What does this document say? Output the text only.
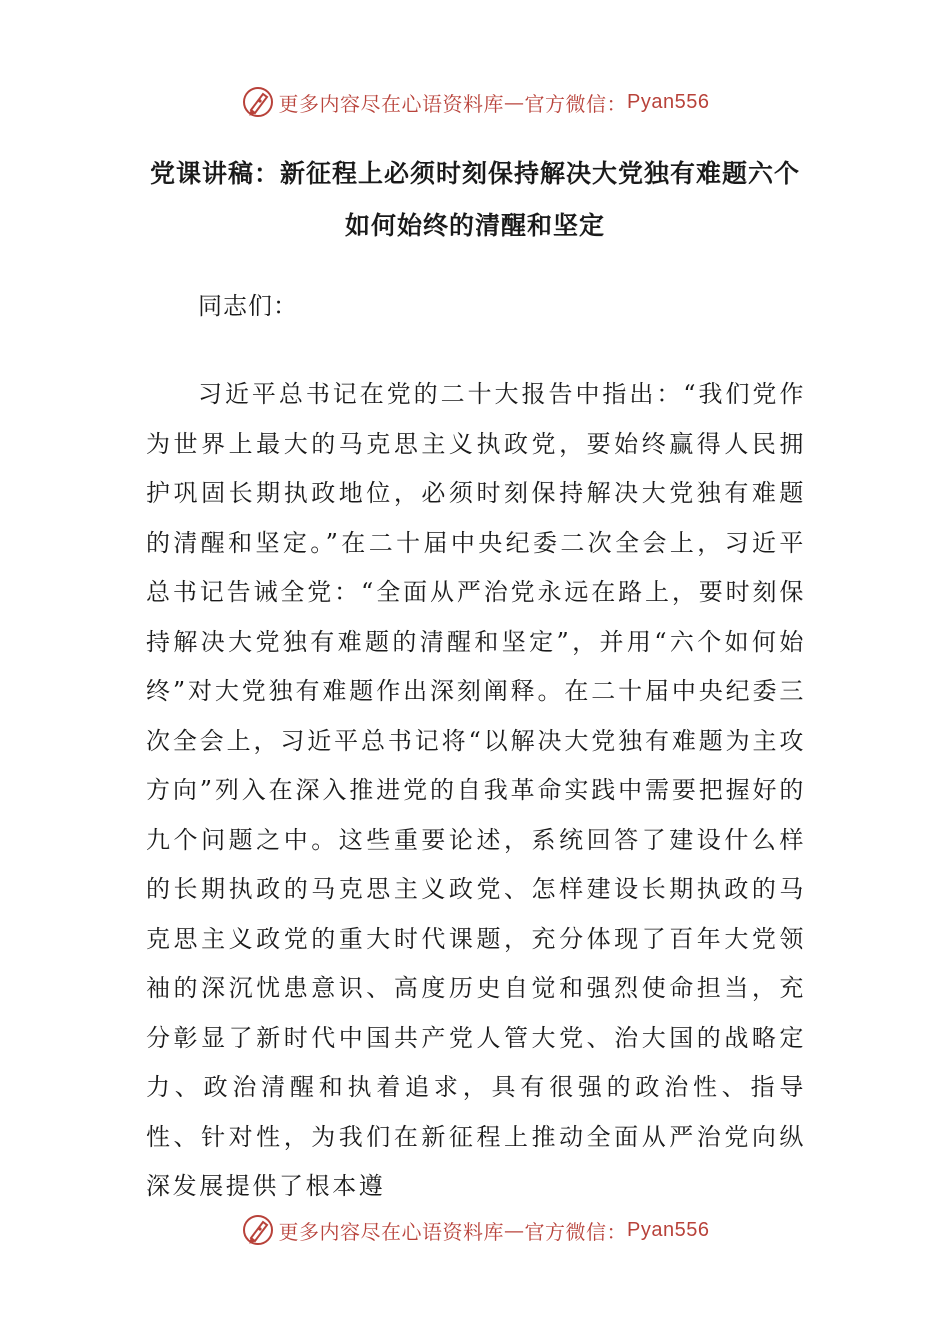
更多内容尽在心语资料库 — 官方微信： Pyan556
党课讲稿：新征程上必须时刻保持解决大党独有难题六个
如何始终的清醒和坚定
同志们：

习近平总书记在党的二十大报告中指出：“我们党作为世界上最大的马克思主义执政党，要始终赢得人民拥护巩固长期执政地位，必须时刻保持解决大党独有难题的清醒和坚定。”在二十届中央纪委二次全会上，习近平总书记告诫全党：“全面从严治党永远在路上，要时刻保持解决大党独有难题的清醒和坚定”，并用“六个如何始终”对大党独有难题作出深刻阐释。在二十届中央纪委三次全会上，习近平总书记将“以解决大党独有难题为主攻方向”列入在深入推进党的自我革命实践中需要把握好的九个问题之中。这些重要论述，系统回答了建设什么样的长期执政的马克思主义政党、怎样建设长期执政的马克思主义政党的重大时代课题，充分体现了百年大党领袖的深沉忧患意识、高度历史自觉和强烈使命担当，充分彰显了新时代中国共产党人管大党、治大国的战略定力、政治清醒和执着追求，具有很强的政治性、指导性、针对性，为我们在新征程上推动全面从严治党向纵深发展提供了根本遵

更多内容尽在心语资料库 — 官方微信： Pyan556
